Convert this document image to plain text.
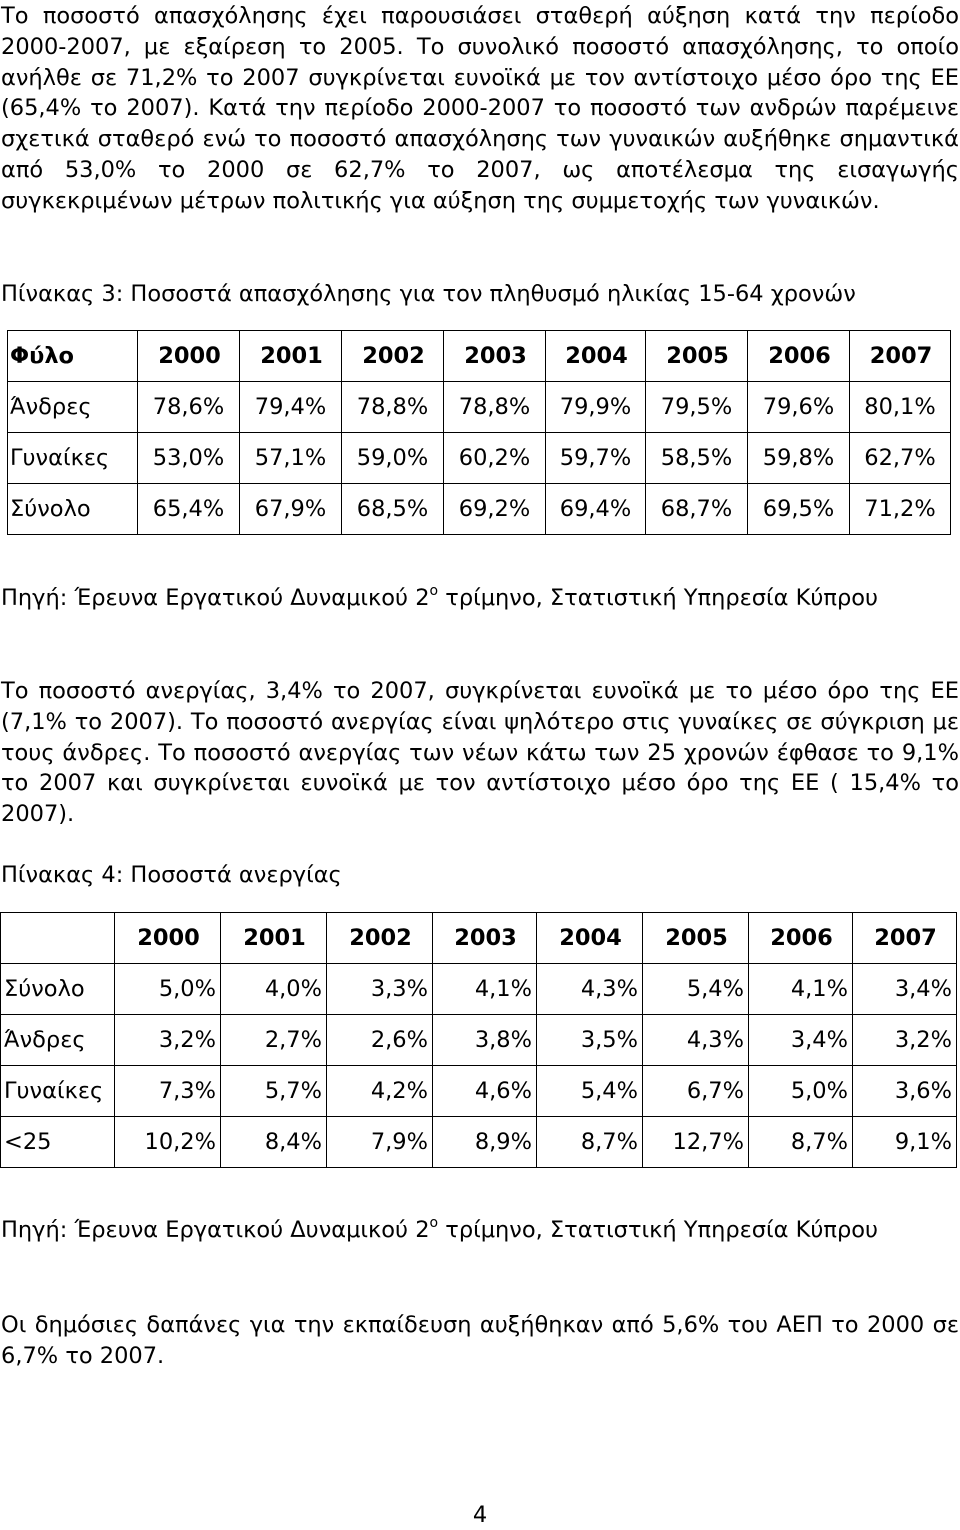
Το ποσοστό απασχόλησης έχει παρουσιάσει σταθερή αύξηση κατά την περίοδο 2000-2007, με εξαίρεση το 2005. Το συνολικό ποσοστό απασχόλησης, το οποίο ανήλθε σε 71,2% το 2007 συγκρίνεται ευνοϊκά με τον αντίστοιχο μέσο όρο της ΕΕ (65,4% το 2007). Κατά την περίοδο 2000-2007 το ποσοστό των ανδρών παρέμεινε σχετικά σταθερό ενώ το ποσοστό απασχόλησης των γυναικών αυξήθηκε σημαντικά από 53,0% το 2000 σε 62,7% το 2007, ως αποτέλεσμα της εισαγωγής συγκεκριμένων μέτρων πολιτικής για αύξηση της συμμετοχής των γυναικών.

Πίνακας 3: Ποσοστά απασχόλησης για τον πληθυσμό ηλικίας 15-64 χρονών

Φύλο	2000	2001	2002	2003	2004	2005	2006	2007
Άνδρες	78,6%	79,4%	78,8%	78,8%	79,9%	79,5%	79,6%	80,1%
Γυναίκες	53,0%	57,1%	59,0%	60,2%	59,7%	58,5%	59,8%	62,7%
Σύνολο	65,4%	67,9%	68,5%	69,2%	69,4%	68,7%	69,5%	71,2%

Πηγή: Έρευνα Εργατικού Δυναμικού $2^o$ τρίμηνο, Στατιστική Υπηρεσία Κύπρου

Το ποσοστό ανεργίας, 3,4% το 2007, συγκρίνεται ευνοϊκά με το μέσο όρο της ΕΕ (7,1% το 2007). Το ποσοστό ανεργίας είναι ψηλότερο στις γυναίκες σε σύγκριση με τους άνδρες. Το ποσοστό ανεργίας των νέων κάτω των 25 χρονών έφθασε το 9,1% το 2007 και συγκρίνεται ευνοϊκά με τον αντίστοιχο μέσο όρο της ΕΕ ( 15,4% το 2007).

Πίνακας 4: Ποσοστά ανεργίας

	2000	2001	2002	2003	2004	2005	2006	2007
Σύνολο	5,0%	4,0%	3,3%	4,1%	4,3%	5,4%	4,1%	3,4%
Άνδρες	3,2%	2,7%	2,6%	3,8%	3,5%	4,3%	3,4%	3,2%
Γυναίκες	7,3%	5,7%	4,2%	4,6%	5,4%	6,7%	5,0%	3,6%
<25	10,2%	8,4%	7,9%	8,9%	8,7%	12,7%	8,7%	9,1%

Πηγή: Έρευνα Εργατικού Δυναμικού $2^o$ τρίμηνο, Στατιστική Υπηρεσία Κύπρου

Οι δημόσιες δαπάνες για την εκπαίδευση αυξήθηκαν από 5,6% του ΑΕΠ το 2000 σε 6,7% το 2007.

4
